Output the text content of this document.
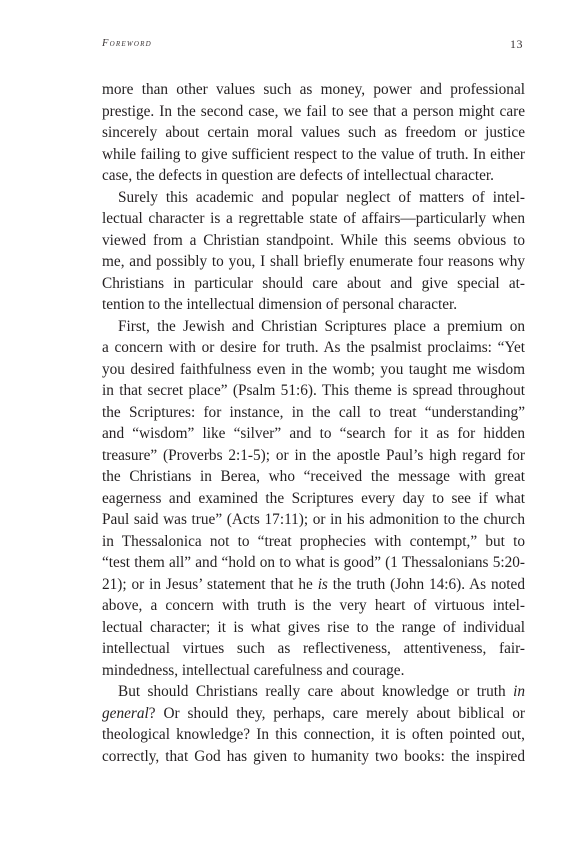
Foreword	13
more than other values such as money, power and professional
prestige. In the second case, we fail to see that a person might care
sincerely about certain moral values such as freedom or justice
while failing to give sufficient respect to the value of truth. In either
case, the defects in question are defects of intellectual character.
Surely this academic and popular neglect of matters of intel-
lectual character is a regrettable state of affairs—particularly when
viewed from a Christian standpoint. While this seems obvious to
me, and possibly to you, I shall briefly enumerate four reasons why
Christians in particular should care about and give special at-
tention to the intellectual dimension of personal character.
First, the Jewish and Christian Scriptures place a premium on
a concern with or desire for truth. As the psalmist proclaims: “Yet
you desired faithfulness even in the womb; you taught me wisdom
in that secret place” (Psalm 51:6). This theme is spread throughout
the Scriptures: for instance, in the call to treat “understanding”
and “wisdom” like “silver” and to “search for it as for hidden
treasure” (Proverbs 2:1-5); or in the apostle Paul’s high regard for
the Christians in Berea, who “received the message with great
eagerness and examined the Scriptures every day to see if what
Paul said was true” (Acts 17:11); or in his admonition to the church
in Thessalonica not to “treat prophecies with contempt,” but to
“test them all” and “hold on to what is good” (1 Thessalonians 5:20-
21); or in Jesus’ statement that he is the truth (John 14:6). As noted
above, a concern with truth is the very heart of virtuous intel-
lectual character; it is what gives rise to the range of individual
intellectual virtues such as reflectiveness, attentiveness, fair-
mindedness, intellectual carefulness and courage.
But should Christians really care about knowledge or truth in
general? Or should they, perhaps, care merely about biblical or
theological knowledge? In this connection, it is often pointed out,
correctly, that God has given to humanity two books: the inspired
